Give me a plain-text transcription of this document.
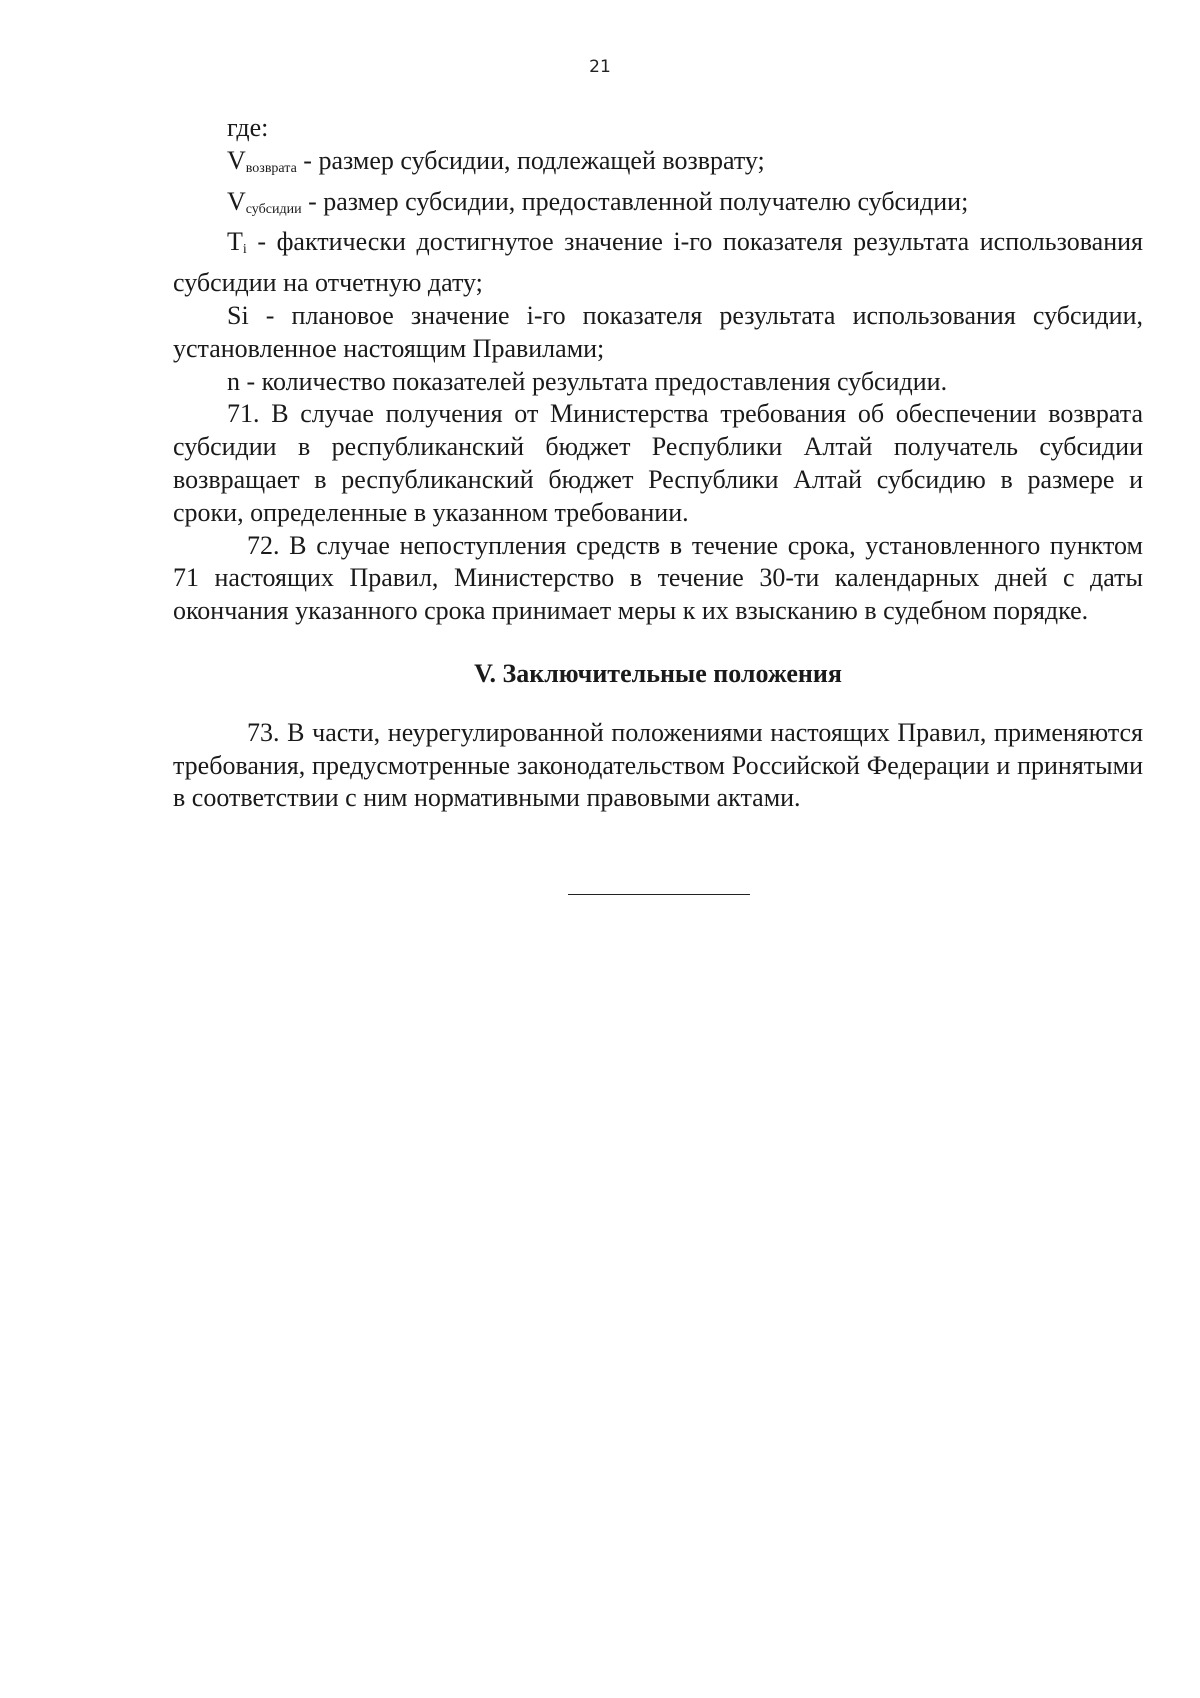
21

где:

$V_{возврата}$ - размер субсидии, подлежащей возврату;

$V_{субсидии}$ - размер субсидии, предоставленной получателю субсидии;

$T_i$ - фактически достигнутое значение i-го показателя результата использования субсидии на отчетную дату;

Si - плановое значение i-го показателя результата использования субсидии, установленное настоящим Правилами;

n - количество показателей результата предоставления субсидии.

71. В случае получения от Министерства требования об обеспечении возврата субсидии в республиканский бюджет Республики Алтай получатель субсидии возвращает в республиканский бюджет Республики Алтай субсидию в размере и сроки, определенные в указанном требовании.

72. В случае непоступления средств в течение срока, установленного пунктом 71 настоящих Правил, Министерство в течение 30-ти календарных дней с даты окончания указанного срока принимает меры к их взысканию в судебном порядке.

V. Заключительные положения

73. В части, неурегулированной положениями настоящих Правил, применяются требования, предусмотренные законодательством Российской Федерации и принятыми в соответствии с ним нормативными правовыми актами.
